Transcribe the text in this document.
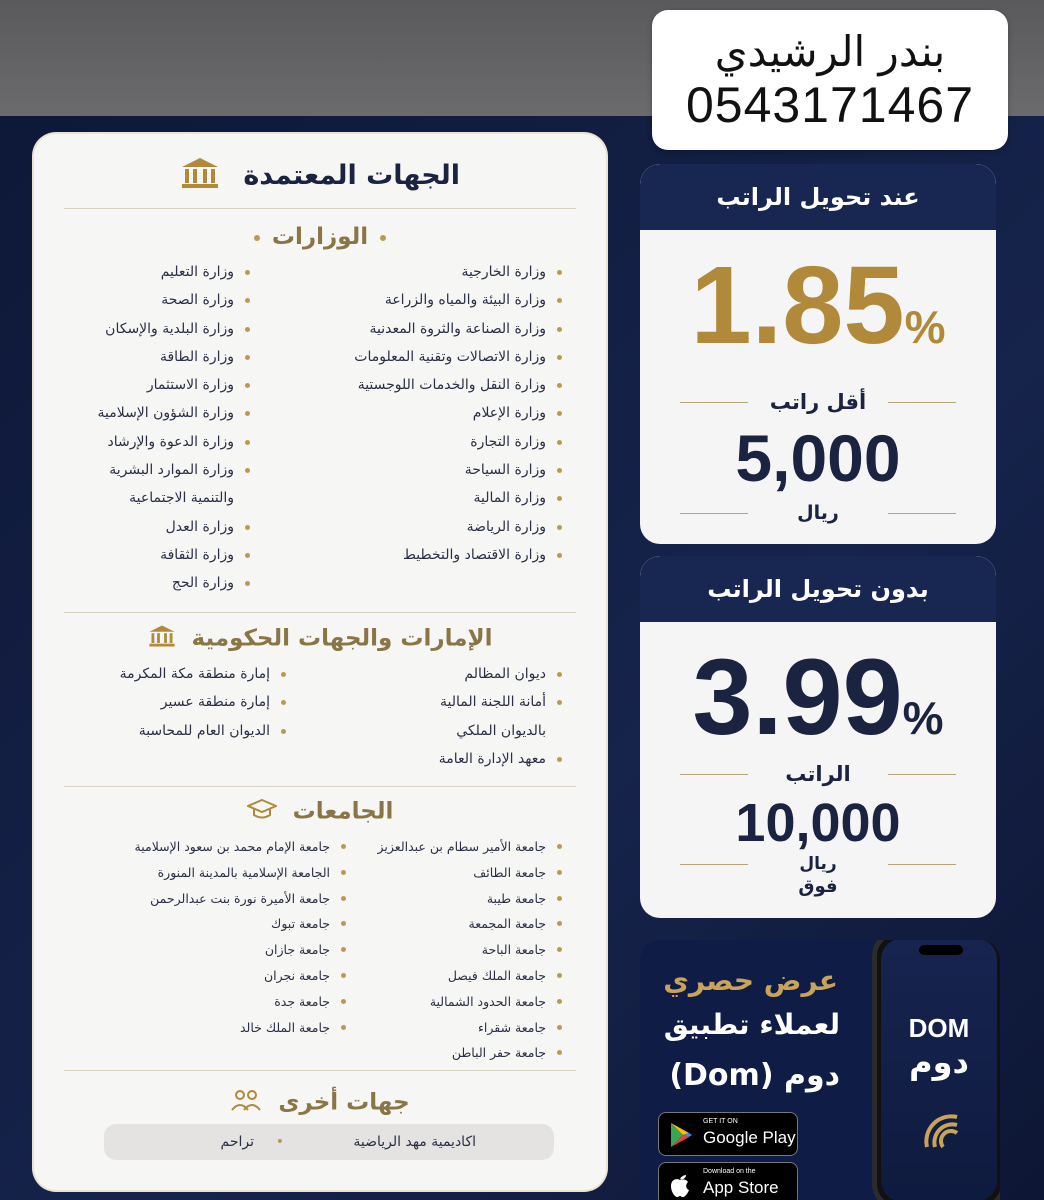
بندر الرشيدي
0543171467
الجهات المعتمدة
الوزارات
وزارة الخارجية
وزارة البيئة والمياه والزراعة
وزارة الصناعة والثروة المعدنية
وزارة الاتصالات وتقنية المعلومات
وزارة النقل والخدمات اللوجستية
وزارة الإعلام
وزارة التجارة
وزارة السياحة
وزارة المالية
وزارة الرياضة
وزارة الاقتصاد والتخطيط
وزارة التعليم
وزارة الصحة
وزارة البلدية والإسكان
وزارة الطاقة
وزارة الاستثمار
وزارة الشؤون الإسلامية
وزارة الدعوة والإرشاد
وزارة الموارد البشرية
والتنمية الاجتماعية
وزارة العدل
وزارة الثقافة
وزارة الحج
الإمارات والجهات الحكومية
ديوان المظالم
أمانة اللجنة المالية
بالديوان الملكي
معهد الإدارة العامة
إمارة منطقة مكة المكرمة
إمارة منطقة عسير
الديوان العام للمحاسبة
الجامعات
جامعة الأمير سطام بن عبدالعزيز
جامعة الطائف
جامعة طيبة
جامعة المجمعة
جامعة الباحة
جامعة الملك فيصل
جامعة الحدود الشمالية
جامعة شقراء
جامعة حفر الباطن
جامعة الإمام محمد بن سعود الإسلامية
الجامعة الإسلامية بالمدينة المنورة
جامعة الأميرة نورة بنت عبدالرحمن
جامعة تبوك
جامعة جازان
جامعة نجران
جامعة جدة
جامعة الملك خالد
جهات أخرى
اكاديمية مهد الرياضية
تراحم •
عند تحويل الراتب
1.85%
أقل راتب
5,000
ريال
بدون تحويل الراتب
3.99%
الراتب
10,000
ريال
فوق
عرض حصري
لعملاء تطبيق
دوم (Dom)
GET IT ON
Google Play
Download on the
App Store
DOM
دوم
